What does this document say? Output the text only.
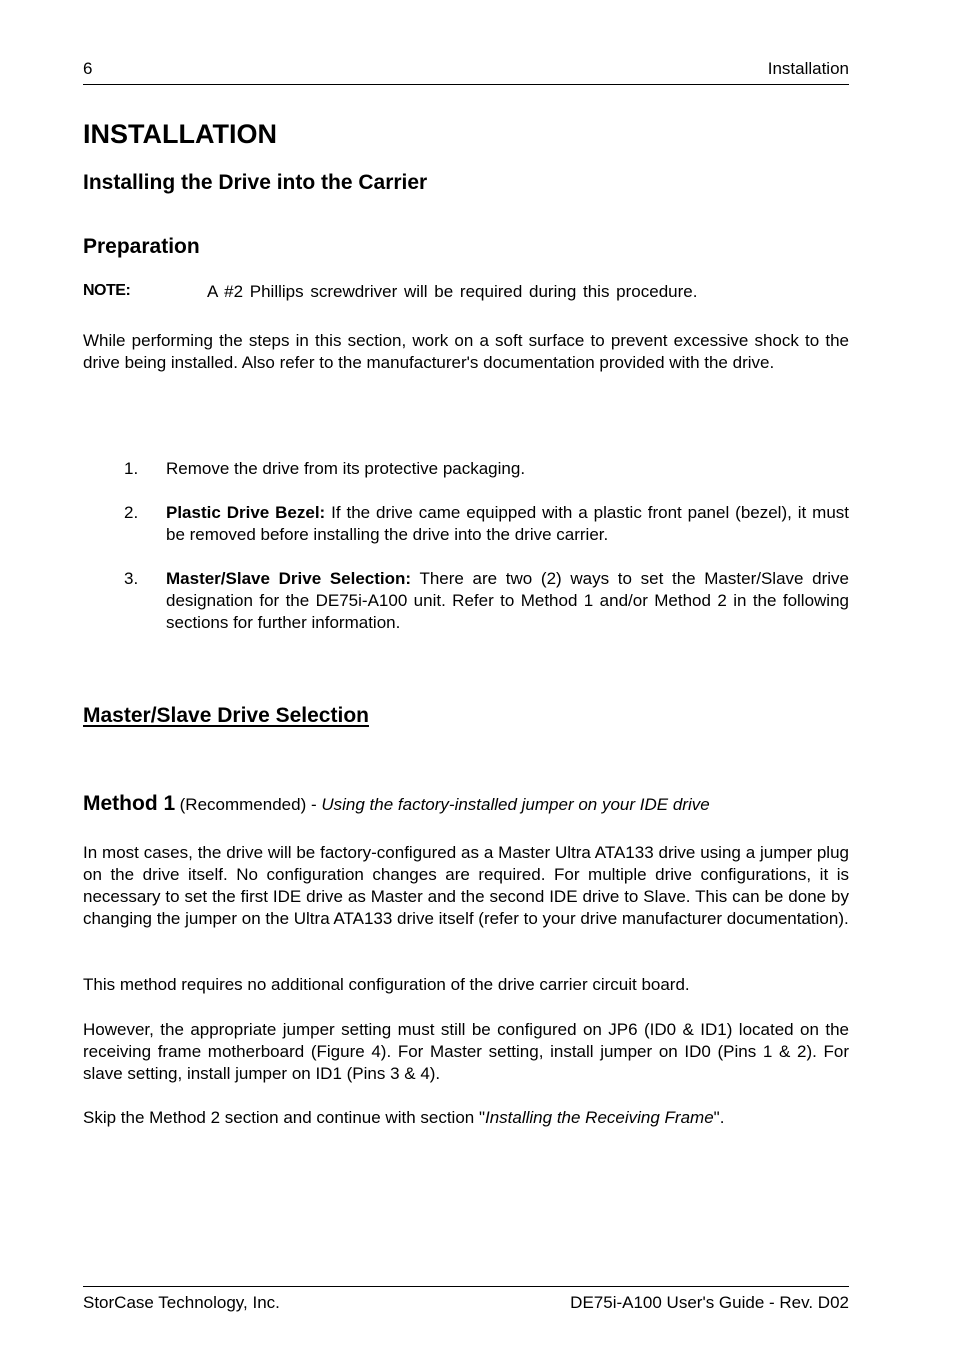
6	Installation
INSTALLATION
Installing the Drive into the Carrier
Preparation
NOTE:	A #2 Phillips screwdriver will be required during this procedure.

While performing the steps in this section, work on a soft surface to prevent excessive shock to the drive being installed. Also refer to the manufacturer's documentation provided with the drive.

1. Remove the drive from its protective packaging.
2. Plastic Drive Bezel: If the drive came equipped with a plastic front panel (bezel), it must be removed before installing the drive into the drive carrier.
3. Master/Slave Drive Selection: There are two (2) ways to set the Master/Slave drive designation for the DE75i-A100 unit. Refer to Method 1 and/or Method 2 in the following sections for further information.
Master/Slave Drive Selection
Method 1 (Recommended) - Using the factory-installed jumper on your IDE drive

In most cases, the drive will be factory-configured as a Master Ultra ATA133 drive using a jumper plug on the drive itself. No configuration changes are required. For multiple drive configurations, it is necessary to set the first IDE drive as Master and the second IDE drive to Slave. This can be done by changing the jumper on the Ultra ATA133 drive itself (refer to your drive manufacturer documentation).

This method requires no additional configuration of the drive carrier circuit board.

However, the appropriate jumper setting must still be configured on JP6 (ID0 & ID1) located on the receiving frame motherboard (Figure 4). For Master setting, install jumper on ID0 (Pins 1 & 2). For slave setting, install jumper on ID1 (Pins 3 & 4).

Skip the Method 2 section and continue with section "Installing the Receiving Frame".

StorCase Technology, Inc.	DE75i-A100 User's Guide - Rev. D02
